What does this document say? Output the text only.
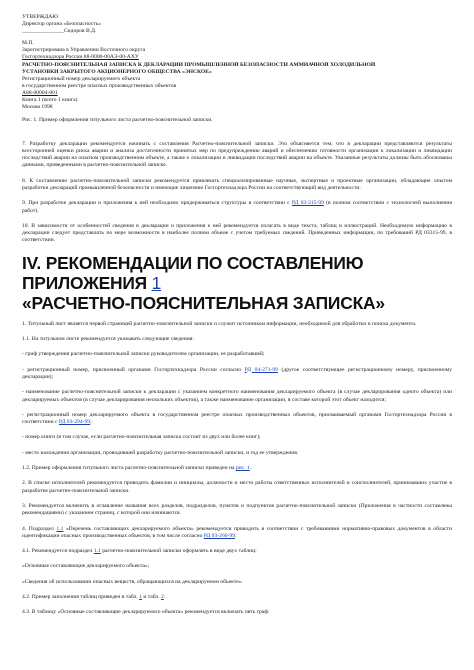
УТВЕРЖДАЮ
Директор органа «Безопасность»
_______________Сидоров В.Д.
М.П.
Зарегистрирована в Управлении Восточного округа
Госгортехнадзора России 88-0000-00АЭ-00-АХУ
РАСЧЕТНО-ПОЯСНИТЕЛЬНАЯ ЗАПИСКА К ДЕКЛАРАЦИИ ПРОМЫШЛЕННОЙ БЕЗОПАСНОСТИ АММИАЧНОЙ ХОЛОДИЛЬНОЙ
УСТАНОВКИ ЗАКРЫТОГО АКЦИОНЕРНОГО ОБЩЕСТВА «ЭНСКОЕ»
Регистрационный номер декларируемого объекта
в государственном реестре опасных производственных объектов
А88-00004-001
Книга 1 (всего 1 книга)
Москва 1998

Рис. 1. Пример оформления титульного листа расчетно-пояснительной записки.

7. Разработку декларации рекомендуется начинать с составления Расчетно-пояснительной записки. Это объясняется тем, что в декларации представляются результаты всесторонней оценки риска аварии и анализа достаточности принятых мер по предупреждению аварий и обеспечению готовности организации к локализации и ликвидации последствий аварии на опасном производственном объекте, а также о локализации и ликвидации последствий аварии на объекте. Указанные результаты должны быть обоснованы данными, приведенными в расчетно-пояснительной записке.

8. К составлению расчетно-пояснительной записки рекомендуется привлекать специализированные научные, экспертные и проектные организации, обладающие опытом разработки деклараций промышленной безопасности и имеющие лицензию Госгортехнадзора России на соответствующий вид деятельности.

9. При разработке декларации и приложения к ней необходимо придерживаться структуры в соответствии с РД 03-315-99 (в полном соответствии с технологией выполнения работ).

10. В зависимости от особенностей сведения в декларации и приложения к ней рекомендуется излагать в виде текста, таблиц и иллюстраций. Необходимую информацию в декларации следует представлять по мере возможности в наиболее полном объеме с учетом требуемых сведений. Приведенных информации, по требований РД 03315-99, в соответствии.

IV. РЕКОМЕНДАЦИИ ПО СОСТАВЛЕНИЮ ПРИЛОЖЕНИЯ 1
«РАСЧЕТНО-ПОЯСНИТЕЛЬНАЯ ЗАПИСКА»

1. Титульный лист является первой страницей расчетно-пояснительной записки и служит источником информации, необходимой для обработки и поиска документа.

1.1. На титульном листе рекомендуется указывать следующие сведения:

- гриф утверждения расчетно-пояснительной записки руководителем организации, ее разработавшей;

- регистрационный номер, присвоенный органами Госгортехнадзора России согласно РД 04-271-99 (другое соответствующее регистрационному номеру, присвоенному декларации);

- наименование расчетно-пояснительной записки к декларации с указанием конкретного наименования декларируемого объекта (в случае декларирования одного объекта) или декларируемых объектов (в случае декларирования нескольких объектов), а также наименование организации, в составе которой этот объект находится;

- регистрационный номер декларируемого объекта в государственном реестре опасных производственных объектов, присваиваемый органами Госгортехнадзора России в соответствии с РД 03-294-99;

- номер книги (в том случае, если расчетно-пояснительная записка состоит из двух или более книг);

- место нахождения организации, проводившей разработку расчетно-пояснительной записки, и год ее утверждения.

1.2. Пример оформления титульного листа расчетно-пояснительной записки приведен на рис. 1.

2. В списке исполнителей рекомендуется приводить фамилии и инициалы, должности и место работы ответственных исполнителей и соисполнителей, принимавших участие в разработке расчетно-пояснительной записки.

3. Рекомендуется включить в оглавление названия всех разделов, подразделов, пунктов и подпунктов расчетно-пояснительной записки (Приложения в частности составлены рекомендациями) с указанием страниц, с которой они начинаются.

4. Подраздел 1.1 «Перечень составляющих декларируемого объекта» рекомендуется приводить в соответствии с требованиями нормативно-правовых документов в области идентификации опасных производственных объектов, в том числе согласно РД 03-260-99.

4.1. Рекомендуется подраздел 1.1 расчетно-пояснительной записки оформлять в виде двух таблиц:

«Основные составляющие декларируемого объекта»;

«Сведения об использовании опасных веществ, обращающихся на декларируемом объекте».

4.2. Пример заполнения таблиц приведен в табл. 1 и табл. 2.

4.3. В таблицу «Основные составляющие декларируемого объекта» рекомендуется включать пять граф:
